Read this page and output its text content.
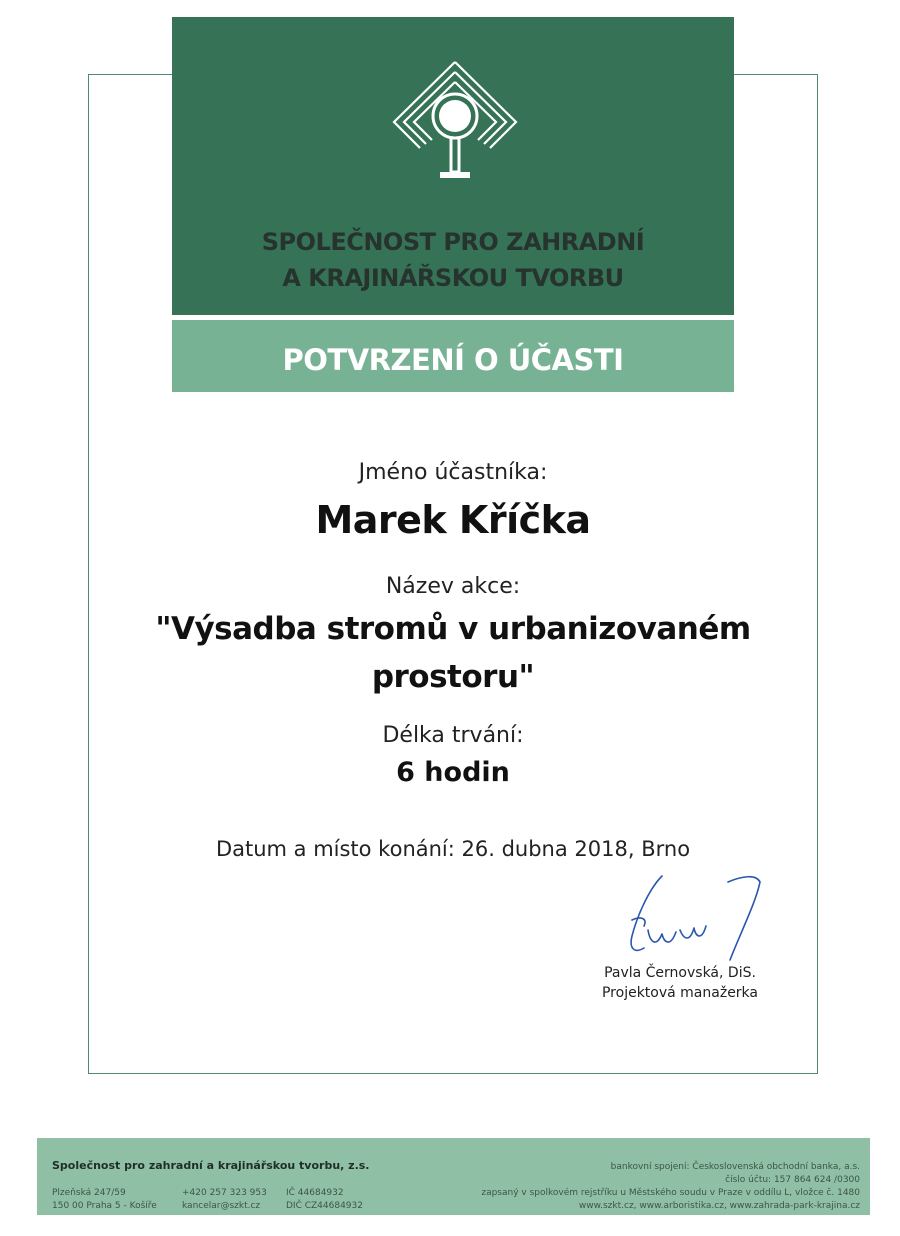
SPOLEČNOST PRO ZAHRADNÍ
A KRAJINÁŘSKOU TVORBU
POTVRZENÍ O ÚČASTI
Jméno účastníka:
Marek Kříčka
Název akce:
"Výsadba stromů v urbanizovaném
prostoru"
Délka trvání:
6 hodin
Datum a místo konání: 26. dubna 2018, Brno
Pavla Černovská, DiS.
Projektová manažerka
Společnost pro zahradní a krajinářskou tvorbu, z.s.
Plzeňská 247/59
150 00 Praha 5 - Košíře
+420 257 323 953
kancelar@szkt.cz
IČ 44684932
DIČ CZ44684932
bankovní spojení: Československá obchodní banka, a.s.
číslo účtu: 157 864 624 /0300
zapsaný v spolkovém rejstříku u Městského soudu v Praze v oddílu L, vložce č. 1480
www.szkt.cz, www.arboristika.cz, www.zahrada-park-krajina.cz
